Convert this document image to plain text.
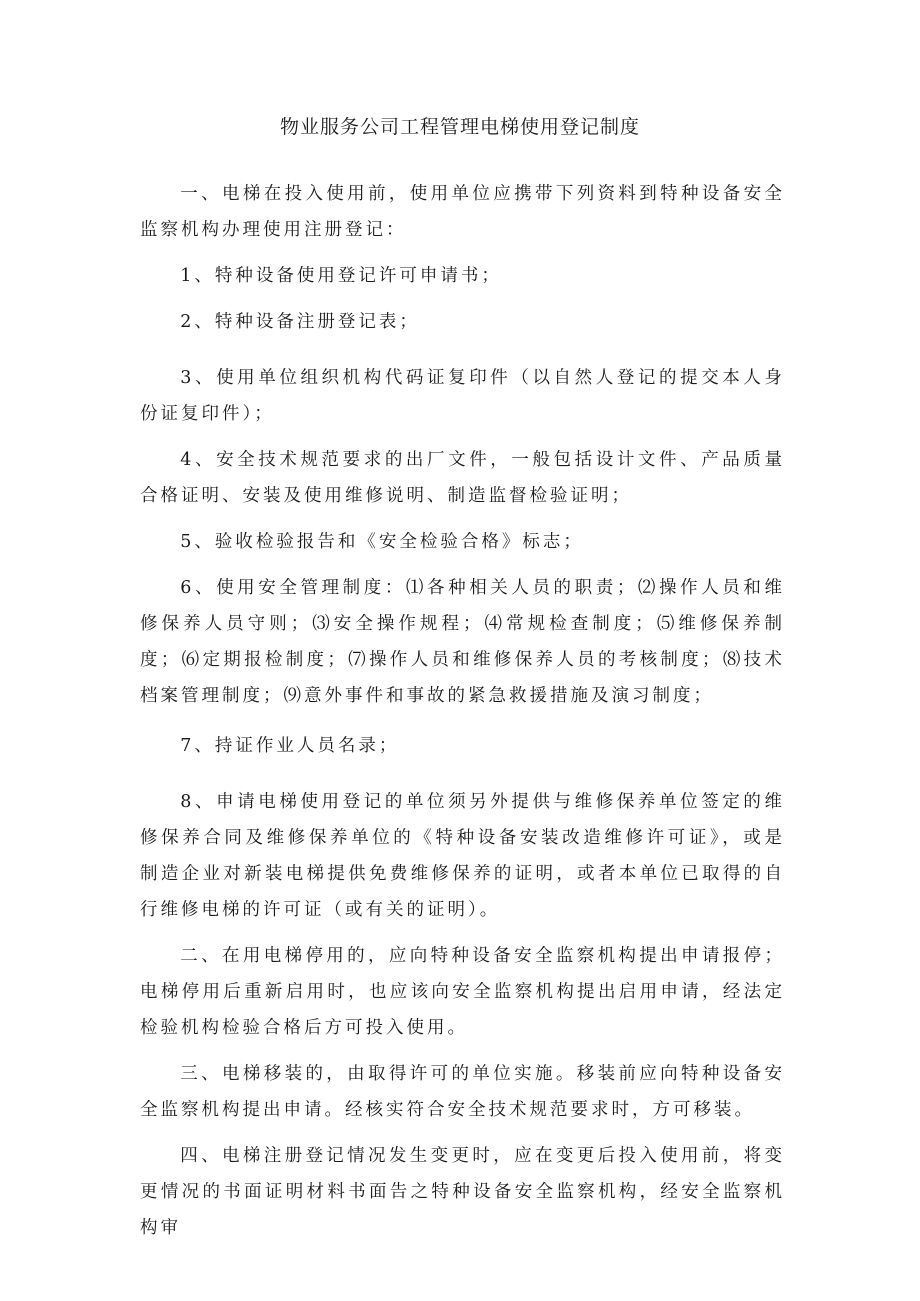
物业服务公司工程管理电梯使用登记制度

一、电梯在投入使用前，使用单位应携带下列资料到特种设备安全监察机构办理使用注册登记：

1、特种设备使用登记许可申请书；

2、特种设备注册登记表；

3、使用单位组织机构代码证复印件（以自然人登记的提交本人身份证复印件）；

4、安全技术规范要求的出厂文件，一般包括设计文件、产品质量合格证明、安装及使用维修说明、制造监督检验证明；

5、验收检验报告和《安全检验合格》标志；

6、使用安全管理制度：⑴各种相关人员的职责；⑵操作人员和维修保养人员守则；⑶安全操作规程；⑷常规检查制度；⑸维修保养制度；⑹定期报检制度；⑺操作人员和维修保养人员的考核制度；⑻技术档案管理制度；⑼意外事件和事故的紧急救援措施及演习制度；

7、持证作业人员名录；

8、申请电梯使用登记的单位须另外提供与维修保养单位签定的维修保养合同及维修保养单位的《特种设备安装改造维修许可证》，或是制造企业对新装电梯提供免费维修保养的证明，或者本单位已取得的自行维修电梯的许可证（或有关的证明）。

二、在用电梯停用的，应向特种设备安全监察机构提出申请报停；电梯停用后重新启用时，也应该向安全监察机构提出启用申请，经法定检验机构检验合格后方可投入使用。

三、电梯移装的，由取得许可的单位实施。移装前应向特种设备安全监察机构提出申请。经核实符合安全技术规范要求时，方可移装。

四、电梯注册登记情况发生变更时，应在变更后投入使用前，将变更情况的书面证明材料书面告之特种设备安全监察机构，经安全监察机构审
